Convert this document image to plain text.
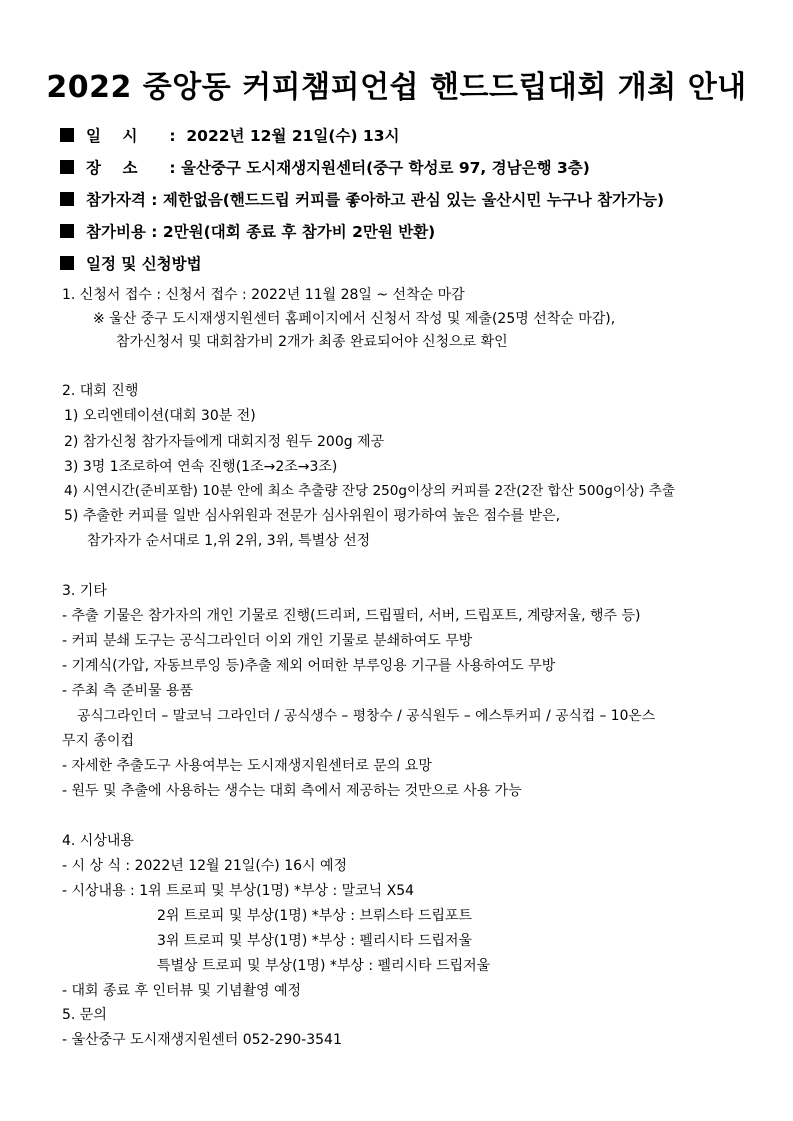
2022 중앙동 커피챔피언쉽 핸드드립대회 개최 안내
일    시 :  2022년 12월 21일(수) 13시
장    소 : 울산중구 도시재생지원센터(중구 학성로 97, 경남은행 3층)
참가자격 : 제한없음(핸드드립 커피를 좋아하고 관심 있는 울산시민 누구나 참가가능)
참가비용 : 2만원(대회 종료 후 참가비 2만원 반환)
일정 및 신청방법
1. 신청서 접수 : 신청서 접수 : 2022년 11월 28일 ~ 선착순 마감
※ 울산 중구 도시재생지원센터 홈페이지에서 신청서 작성 및 제출(25명 선착순 마감),
참가신청서 및 대회참가비 2개가 최종 완료되어야 신청으로 확인
2. 대회 진행
1) 오리엔테이션(대회 30분 전)
2) 참가신청 참가자들에게 대회지정 원두 200g 제공
3) 3명 1조로하여 연속 진행(1조→2조→3조)
4) 시연시간(준비포함) 10분 안에 최소 추출량 잔당 250g이상의 커피를 2잔(2잔 합산 500g이상) 추출
5) 추출한 커피를 일반 심사위원과 전문가 심사위원이 평가하여 높은 점수를 받은,
참가자가 순서대로 1,위 2위, 3위, 특별상 선정
3. 기타
- 추출 기물은 참가자의 개인 기물로 진행(드리퍼, 드립필터, 서버, 드립포트, 계량저울, 행주 등)
- 커피 분쇄 도구는 공식그라인더 이외 개인 기물로 분쇄하여도 무방
- 기계식(가압, 자동브루잉 등)추출 제외 어떠한 부루잉용 기구를 사용하여도 무방
- 주최 측 준비물 용품
공식그라인더 – 말코닉 그라인더 / 공식생수 – 평창수 / 공식원두 – 에스투커피 / 공식컵 – 10온스
무지 종이컵
- 자세한 추출도구 사용여부는 도시재생지원센터로 문의 요망
- 원두 및 추출에 사용하는 생수는 대회 측에서 제공하는 것만으로 사용 가능
4. 시상내용
- 시 상 식 : 2022년 12월 21일(수) 16시 예정
- 시상내용 : 1위 트로피 및 부상(1명) *부상 : 말코닉 X54
2위 트로피 및 부상(1명) *부상 : 브뤼스타 드립포트
3위 트로피 및 부상(1명) *부상 : 펠리시타 드립저울
특별상 트로피 및 부상(1명) *부상 : 펠리시타 드립저울
- 대회 종료 후 인터뷰 및 기념촬영 예정
5. 문의
- 울산중구 도시재생지원센터 052-290-3541
